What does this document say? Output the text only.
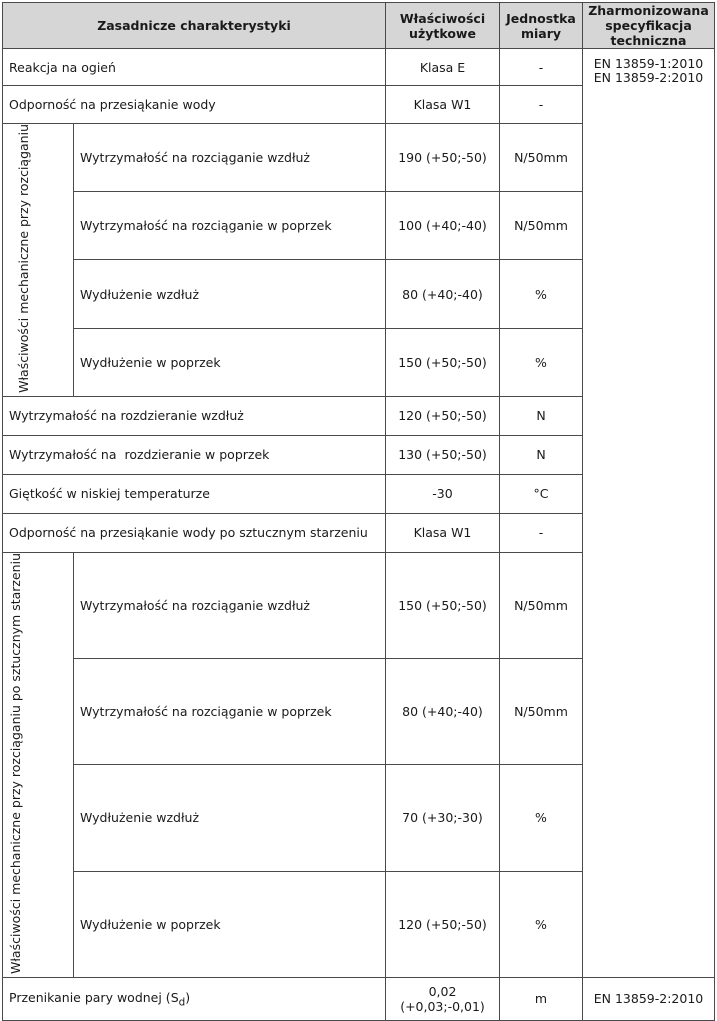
Zasadnicze charakterystyki		Właściwości użytkowe	Jednostka miary	Zharmonizowana specyfikacja techniczna
Reakcja na ogień		Klasa E	-	EN 13859-1:2010
EN 13859-2:2010

Odporność na przesiąkanie wody		Klasa W1	-	
Właściwości mechaniczne przy rozciąganiu	Wytrzymałość na rozciąganie wzdłuż	190 (+50;-50)	N/50mm	
	Wytrzymałość na rozciąganie w poprzek	100 (+40;-40)	N/50mm	
	Wydłużenie wzdłuż	80 (+40;-40)	%	
	Wydłużenie w poprzek	150 (+50;-50)	%	
Wytrzymałość na rozdzieranie wzdłuż		120 (+50;-50)	N	
Wytrzymałość na  rozdzieranie w poprzek		130 (+50;-50)	N	
Giętkość w niskiej temperaturze		-30	°C	
Odporność na przesiąkanie wody po sztucznym starzeniu		Klasa W1	-	
Właściwości mechaniczne przy rozciąganiu po sztucznym starzeniu	Wytrzymałość na rozciąganie wzdłuż	150 (+50;-50)	N/50mm	
	Wytrzymałość na rozciąganie w poprzek	80 (+40;-40)	N/50mm	
	Wydłużenie wzdłuż	70 (+30;-30)	%	
	Wydłużenie w poprzek	120 (+50;-50)	%	
Przenikanie pary wodnej $(S_d)$		0,02 (+0,03;-0,01)	m	EN 13859-2:2010
